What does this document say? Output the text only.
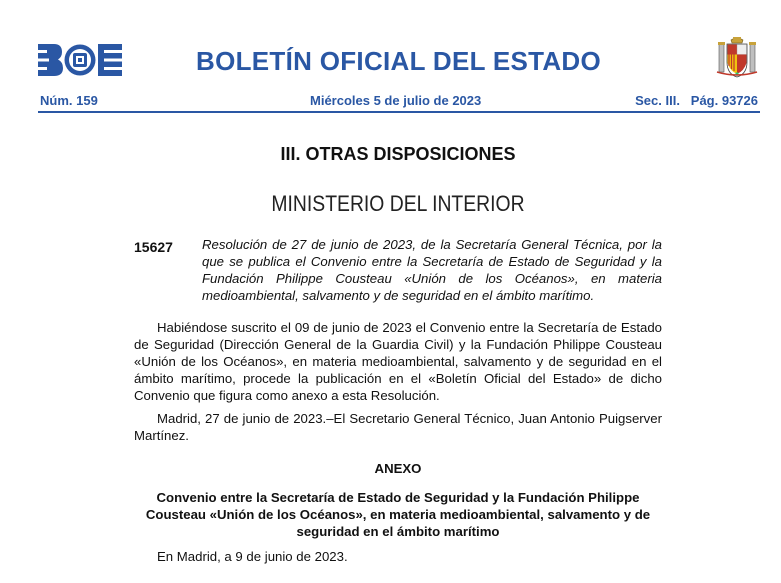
BOLETÍN OFICIAL DEL ESTADO
Núm. 159	Miércoles 5 de julio de 2023	Sec. III.   Pág. 93726
III. OTRAS DISPOSICIONES
MINISTERIO DEL INTERIOR
15627 Resolución de 27 de junio de 2023, de la Secretaría General Técnica, por la que se publica el Convenio entre la Secretaría de Estado de Seguridad y la Fundación Philippe Cousteau «Unión de los Océanos», en materia medioambiental, salvamento y de seguridad en el ámbito marítimo.
Habiéndose suscrito el 09 de junio de 2023 el Convenio entre la Secretaría de Estado de Seguridad (Dirección General de la Guardia Civil) y la Fundación Philippe Cousteau «Unión de los Océanos», en materia medioambiental, salvamento y de seguridad en el ámbito marítimo, procede la publicación en el «Boletín Oficial del Estado» de dicho Convenio que figura como anexo a esta Resolución.
Madrid, 27 de junio de 2023.–El Secretario General Técnico, Juan Antonio Puigserver Martínez.
ANEXO
Convenio entre la Secretaría de Estado de Seguridad y la Fundación Philippe Cousteau «Unión de los Océanos», en materia medioambiental, salvamento y de seguridad en el ámbito marítimo
En Madrid, a 9 de junio de 2023.
